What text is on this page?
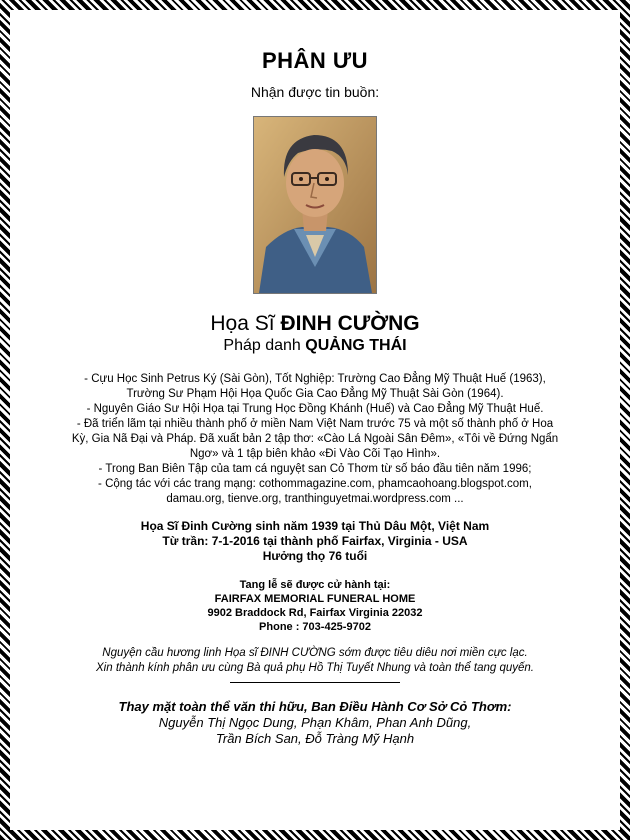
PHÂN ƯU
Nhận được tin buồn:
Họa Sĩ ĐINH CƯỜNG
Pháp danh QUẢNG THÁI
- Cựu Học Sinh Petrus Ký (Sài Gòn), Tốt Nghiệp: Trường Cao Đẳng Mỹ Thuật Huế (1963),
Trường Sư Phạm Hội Họa Quốc Gia Cao Đẳng Mỹ Thuật Sài Gòn (1964).
- Nguyên Giáo Sư Hội Họa tại Trung Học Đồng Khánh (Huế) và Cao Đẳng Mỹ Thuật Huế.
- Đã triển lãm tại nhiều thành phố ở miền Nam Việt Nam trước 75 và một số thành phố ở Hoa
Kỳ, Gia Nã Đại và Pháp. Đã xuất bản 2 tập thơ: «Cào Lá Ngoài Sân Đêm», «Tôi về Đứng Ngẩn
Ngơ» và 1 tập biên khảo «Đi Vào Cõi Tạo Hình».
- Trong Ban Biên Tập của tam cá nguyệt san Cỏ Thơm từ số báo đầu tiên năm 1996;
- Cộng tác với các trang mạng: cothommagazine.com, phamcaohoang.blogspot.com,
damau.org, tienve.org, tranthinguyetmai.wordpress.com ...
Họa Sĩ Đinh Cường sinh năm 1939 tại Thủ Dâu Một, Việt Nam
Từ trần: 7-1-2016 tại thành phố Fairfax, Virginia - USA
Hưởng thọ 76 tuổi
Tang lễ sẽ được cử hành tại:
FAIRFAX MEMORIAL FUNERAL HOME
9902 Braddock Rd, Fairfax Virginia 22032
Phone : 703-425-9702
Nguyện cầu hương linh Họa sĩ ĐINH CƯỜNG sớm được tiêu diêu nơi miền cực lạc.
Xin thành kính phân ưu cùng Bà quả phụ Hồ Thị Tuyết Nhung và toàn thể tang quyến.
Thay mặt toàn thể văn thi hữu, Ban Điều Hành Cơ Sở Cỏ Thơm:
Nguyễn Thị Ngọc Dung, Phạn Khâm, Phan Anh Dũng,
Trần Bích San, Đỗ Tràng Mỹ Hạnh
